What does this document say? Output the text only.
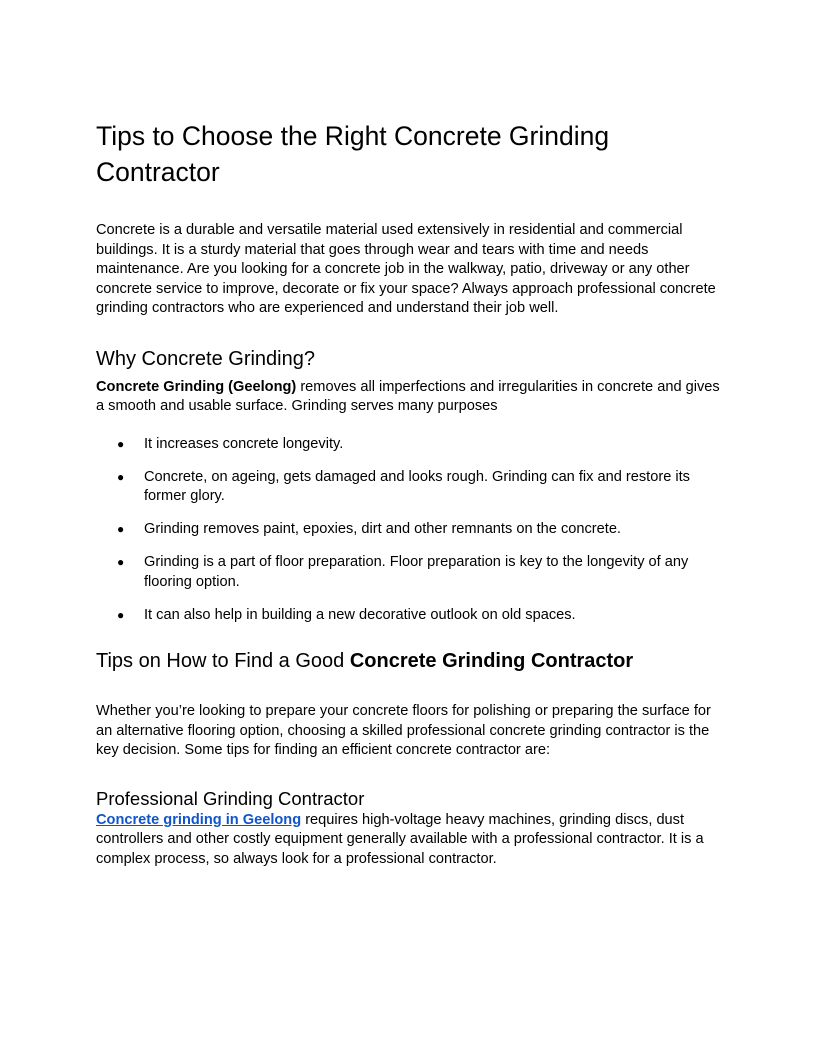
Tips to Choose the Right Concrete Grinding Contractor

Concrete is a durable and versatile material used extensively in residential and commercial buildings. It is a sturdy material that goes through wear and tears with time and needs maintenance. Are you looking for a concrete job in the walkway, patio, driveway or any other concrete service to improve, decorate or fix your space? Always approach professional concrete grinding contractors who are experienced and understand their job well.

Why Concrete Grinding?

Concrete Grinding (Geelong) removes all imperfections and irregularities in concrete and gives a smooth and usable surface. Grinding serves many purposes

● It increases concrete longevity.
● Concrete, on ageing, gets damaged and looks rough. Grinding can fix and restore its former glory.
● Grinding removes paint, epoxies, dirt and other remnants on the concrete.
● Grinding is a part of floor preparation. Floor preparation is key to the longevity of any flooring option.
● It can also help in building a new decorative outlook on old spaces.
Tips on How to Find a Good Concrete Grinding Contractor

Whether you’re looking to prepare your concrete floors for polishing or preparing the surface for an alternative flooring option, choosing a skilled professional concrete grinding contractor is the key decision. Some tips for finding an efficient concrete contractor are:

Professional Grinding Contractor

Concrete grinding in Geelong requires high-voltage heavy machines, grinding discs, dust controllers and other costly equipment generally available with a professional contractor. It is a complex process, so always look for a professional contractor.
